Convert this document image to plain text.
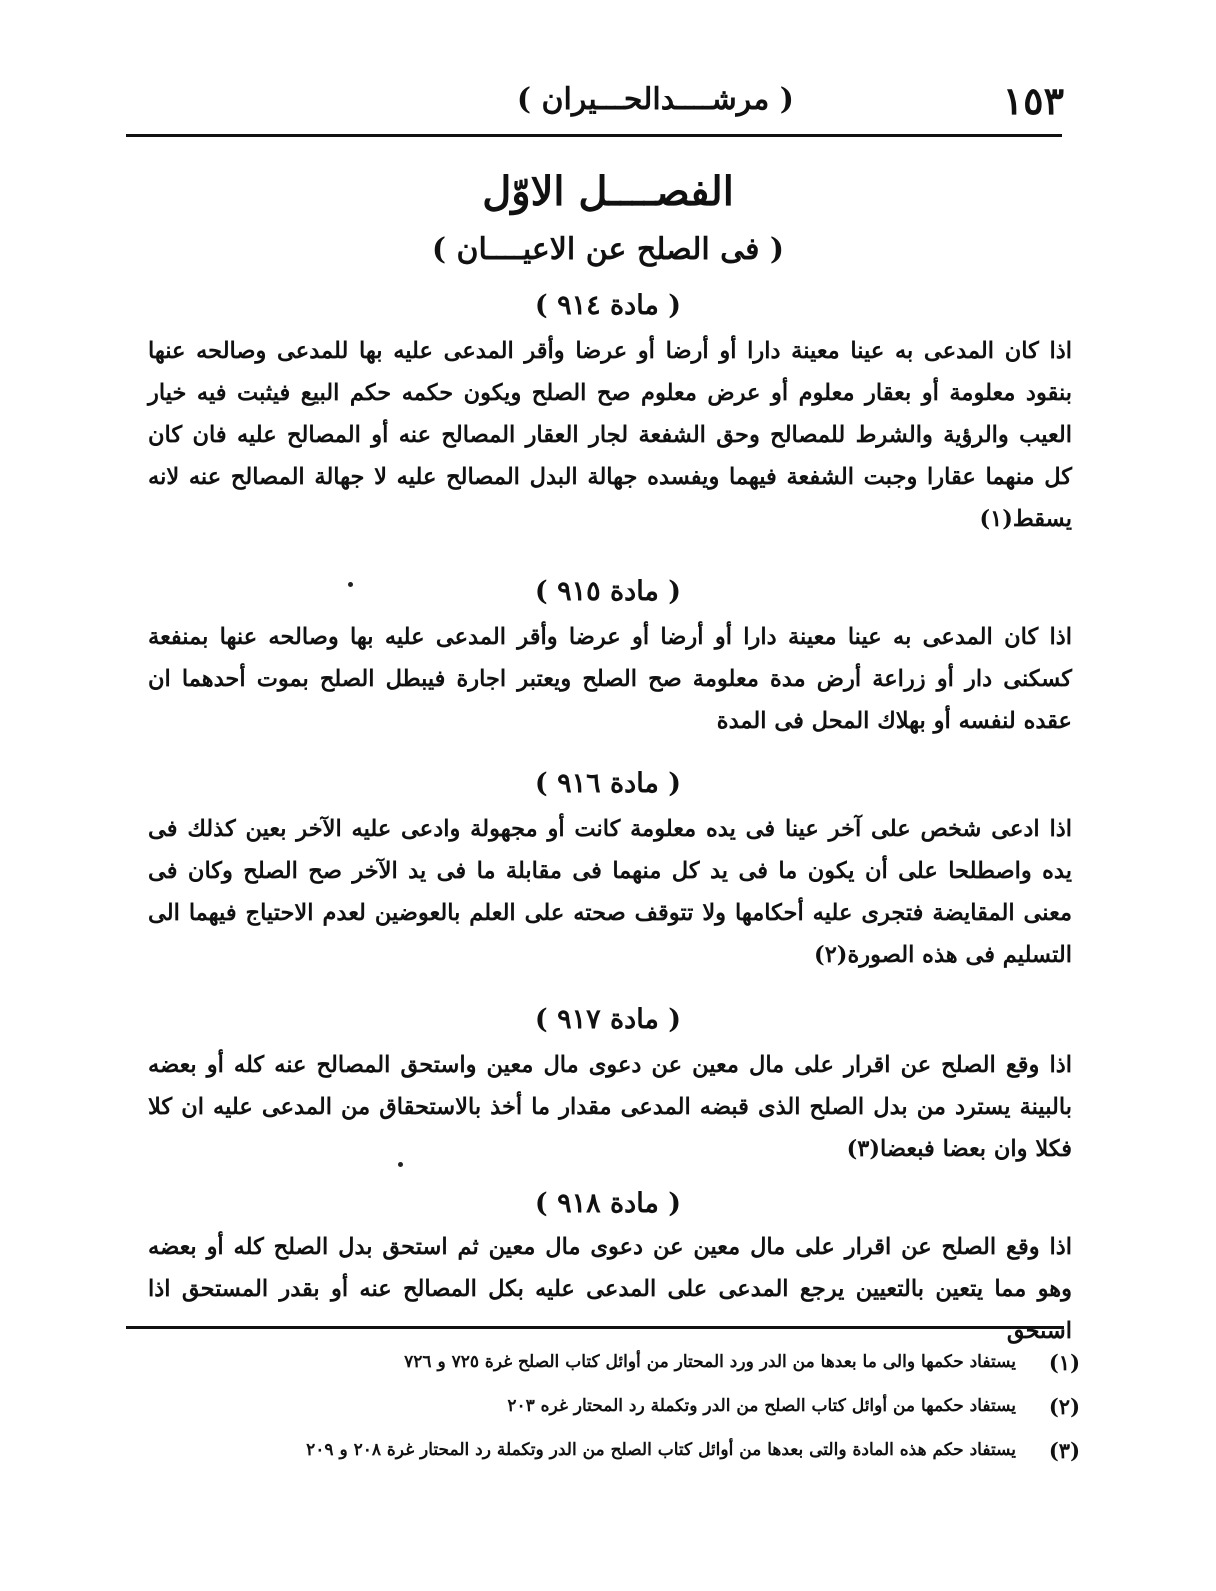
١٥٣
( مرشــــدالحـــيران )
الفصــــل الاوّل
( فى الصلح عن الاعيــــان )
( مادة ٩١٤ )
اذا كان المدعى به عينا معينة دارا أو أرضا أو عرضا وأقر المدعى عليه بها للمدعى وصالحه عنها بنقود معلومة أو بعقار معلوم أو عرض معلوم صح الصلح ويكون حكمه حكم البيع فيثبت فيه خيار العيب والرؤية والشرط للمصالح وحق الشفعة لجار العقار المصالح عنه أو المصالح عليه فان كان كل منهما عقارا وجبت الشفعة فيهما ويفسده جهالة البدل المصالح عليه لا جهالة المصالح عنه لانه يسقط(١)
( مادة ٩١٥ )
اذا كان المدعى به عينا معينة دارا أو أرضا أو عرضا وأقر المدعى عليه بها وصالحه عنها بمنفعة كسكنى دار أو زراعة أرض مدة معلومة صح الصلح ويعتبر اجارة فيبطل الصلح بموت أحدهما ان عقده لنفسه أو بهلاك المحل فى المدة
( مادة ٩١٦ )
اذا ادعى شخص على آخر عينا فى يده معلومة كانت أو مجهولة وادعى عليه الآخر بعين كذلك فى يده واصطلحا على أن يكون ما فى يد كل منهما فى مقابلة ما فى يد الآخر صح الصلح وكان فى معنى المقايضة فتجرى عليه أحكامها ولا تتوقف صحته على العلم بالعوضين لعدم الاحتياج فيهما الى التسليم فى هذه الصورة(٢)
( مادة ٩١٧ )
اذا وقع الصلح عن اقرار على مال معين عن دعوى مال معين واستحق المصالح عنه كله أو بعضه بالبينة يسترد من بدل الصلح الذى قبضه المدعى مقدار ما أخذ بالاستحقاق من المدعى عليه ان كلا فكلا وان بعضا فبعضا(٣)
( مادة ٩١٨ )
اذا وقع الصلح عن اقرار على مال معين عن دعوى مال معين ثم استحق بدل الصلح كله أو بعضه وهو مما يتعين بالتعيين يرجع المدعى على المدعى عليه بكل المصالح عنه أو بقدر المستحق اذا استحق
(١)
يستفاد حكمها والى ما بعدها من الدر ورد المحتار من أوائل كتاب الصلح غرة ٧٢٥ و ٧٢٦
(٢)
يستفاد حكمها من أوائل كتاب الصلح من الدر وتكملة رد المحتار غره ٢٠٣
(٣)
يستفاد حكم هذه المادة والتى بعدها من أوائل كتاب الصلح من الدر وتكملة رد المحتار غرة ٢٠٨ و ٢٠٩
